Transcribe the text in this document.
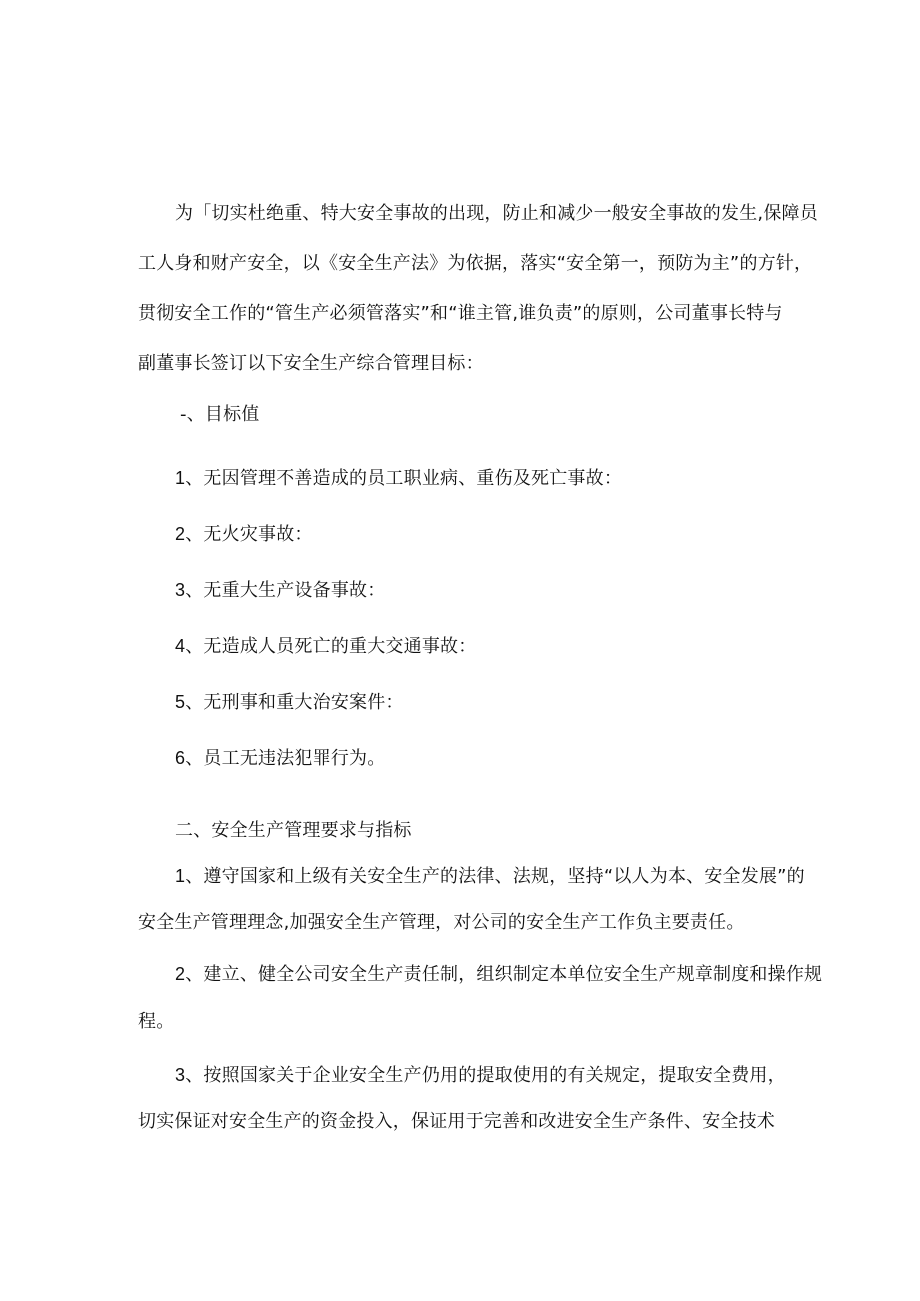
为「切实杜绝重、特大安全事故的出现，防止和减少一般安全事故的发生,保障员
工人身和财产安全，以《安全生产法》为依据，落实“安全第一，预防为主”的方针，
贯彻安全工作的“管生产必须管落实”和“谁主管,谁负责”的原则，公司董事长特与
副董事长签订以下安全生产综合管理目标：
-、目标值
1、无因管理不善造成的员工职业病、重伤及死亡事故：
2、无火灾事故：
3、无重大生产设备事故：
4、无造成人员死亡的重大交通事故：
5、无刑事和重大治安案件：
6、员工无违法犯罪行为。
二、安全生产管理要求与指标
1、遵守国家和上级有关安全生产的法律、法规，坚持“以人为本、安全发展”的
安全生产管理理念,加强安全生产管理，对公司的安全生产工作负主要责任。
2、建立、健全公司安全生产责任制，组织制定本单位安全生产规章制度和操作规
程。
3、按照国家关于企业安全生产仍用的提取使用的有关规定，提取安全费用，
切实保证对安全生产的资金投入，保证用于完善和改进安全生产条件、安全技术
